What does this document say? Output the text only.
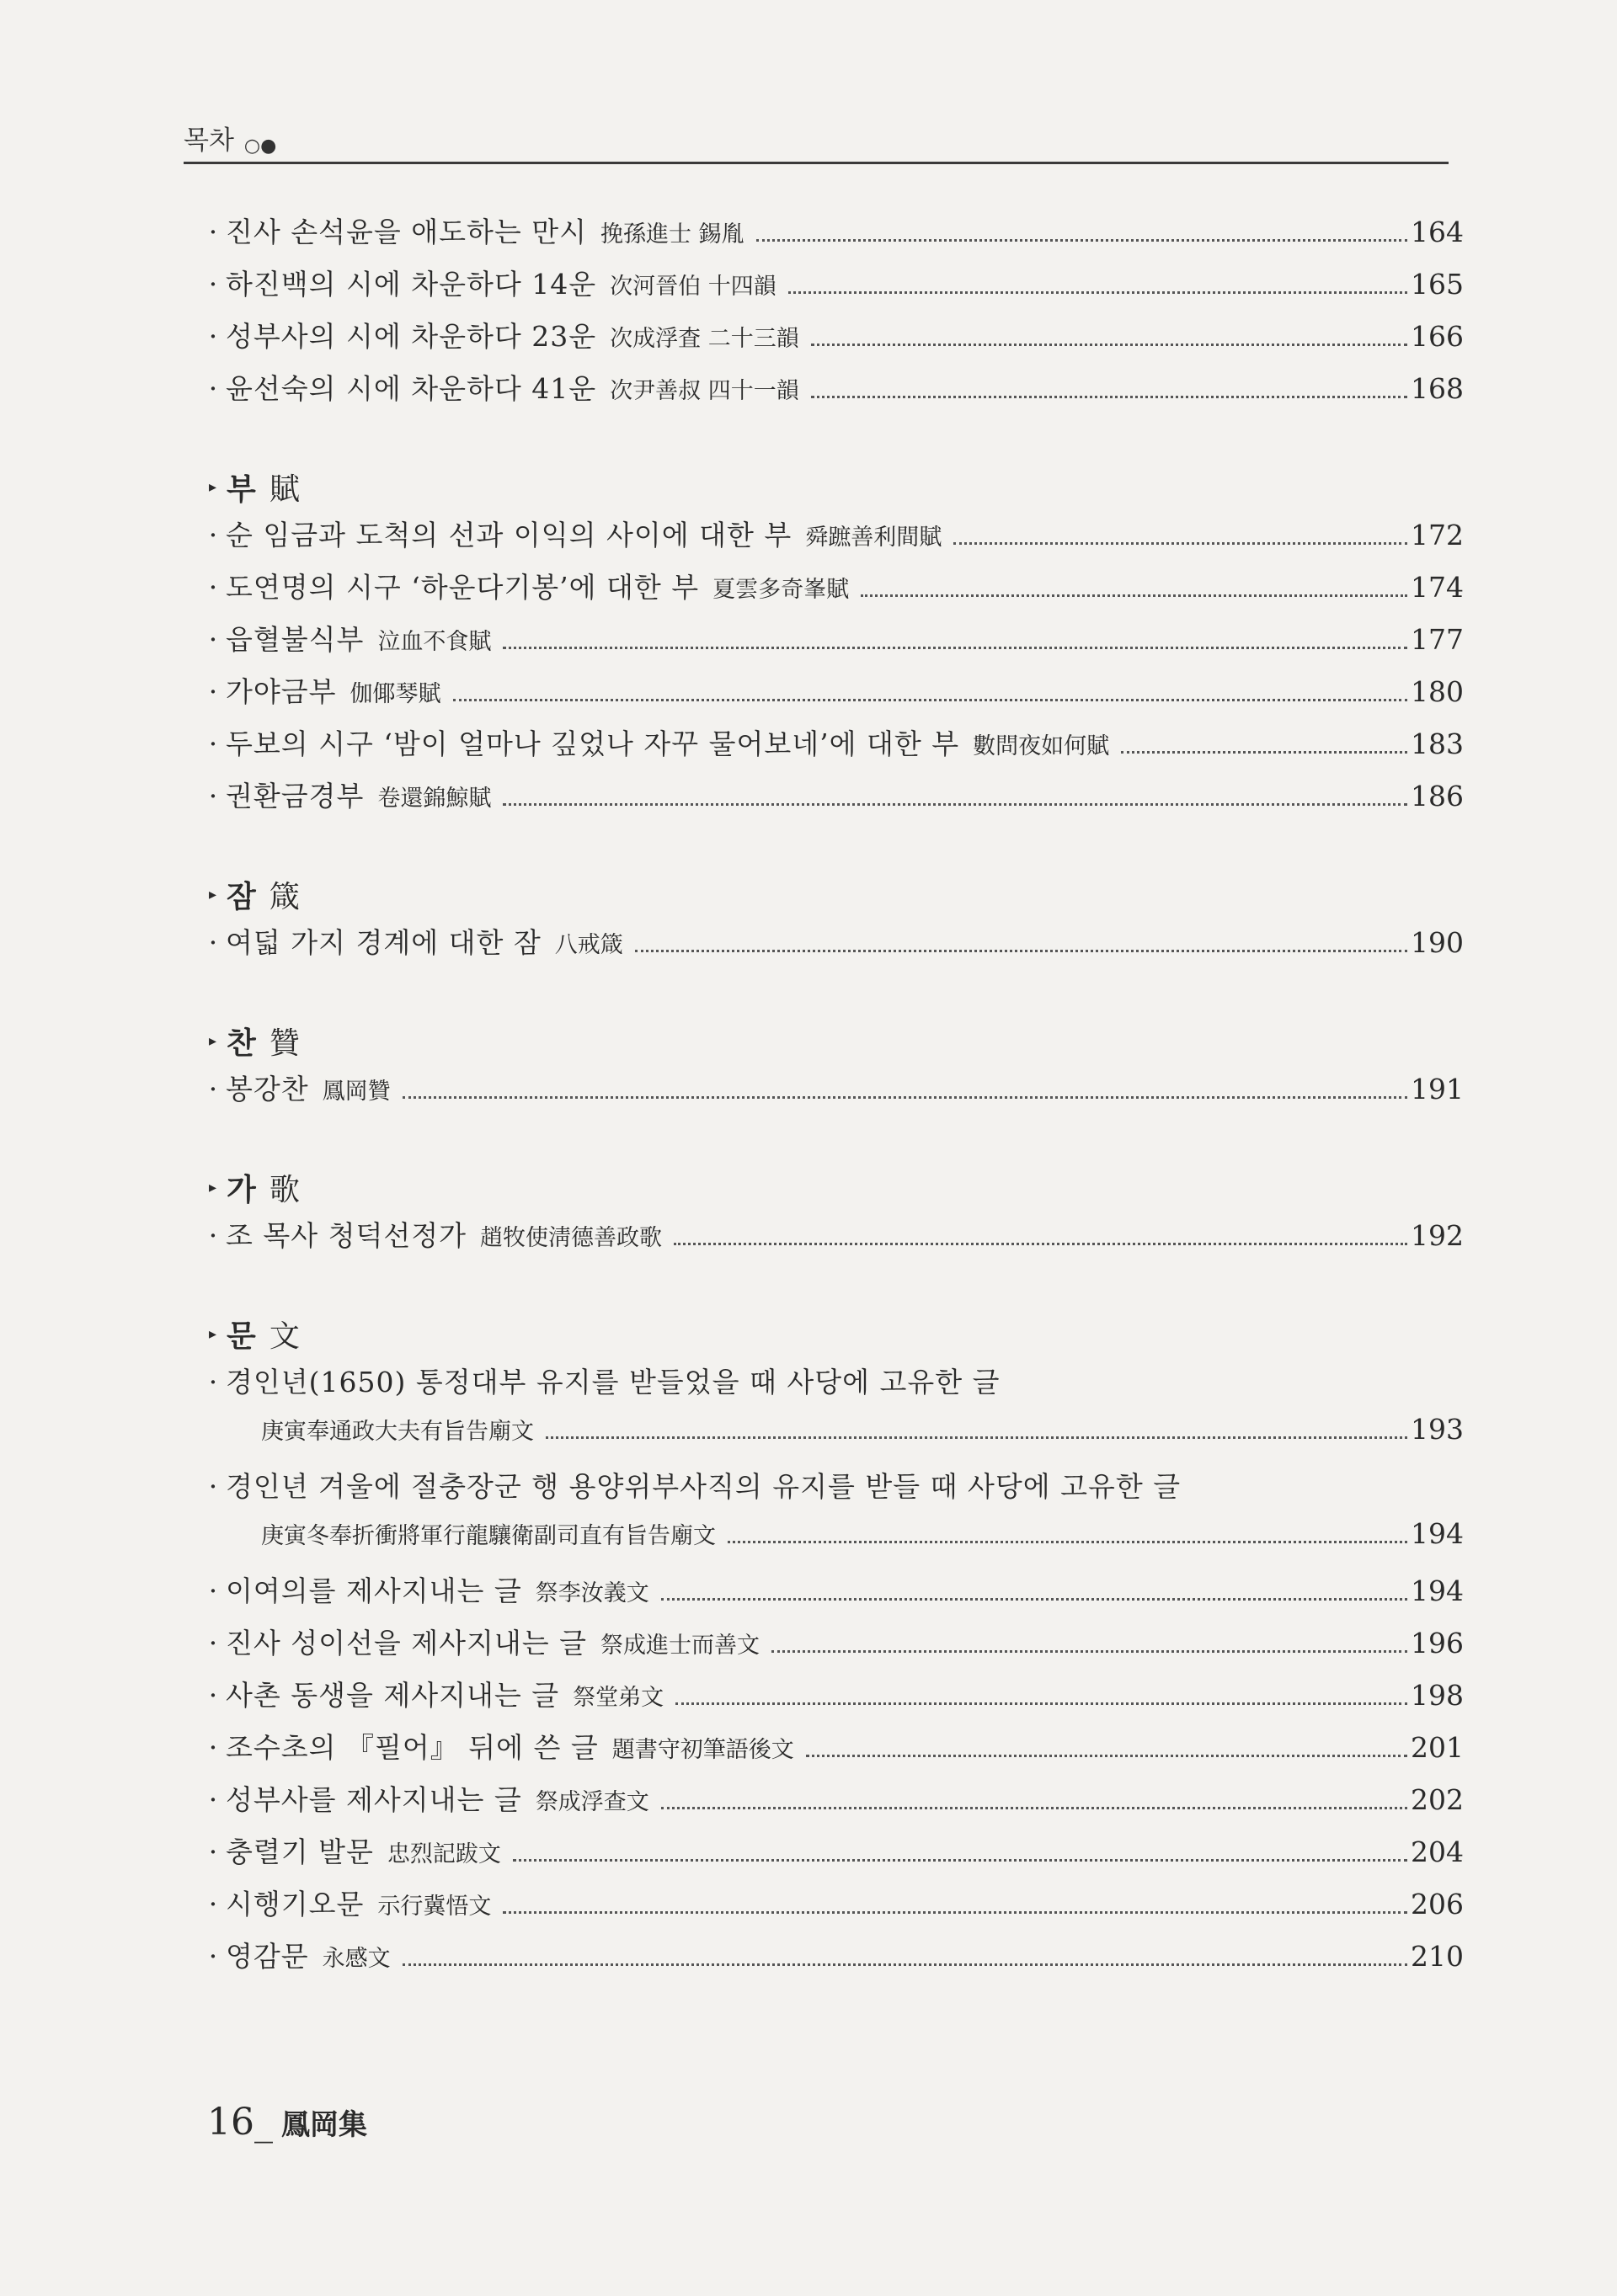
목차 ○●
· 진사 손석윤을 애도하는 만시 挽孫進士 錫胤	164
· 하진백의 시에 차운하다 14운 次河晉伯 十四韻	165
· 성부사의 시에 차운하다 23운 次成浮査 二十三韻	166
· 윤선숙의 시에 차운하다 41운 次尹善叔 四十一韻	168
▸ 부 賦
· 순 임금과 도척의 선과 이익의 사이에 대한 부 舜蹠善利間賦	172
· 도연명의 시구 ‘하운다기봉’에 대한 부 夏雲多奇峯賦	174
· 읍혈불식부 泣血不食賦	177
· 가야금부 伽倻琴賦	180
· 두보의 시구 ‘밤이 얼마나 깊었나 자꾸 물어보네’에 대한 부 數問夜如何賦	183
· 권환금경부 卷還錦鯨賦	186
▸ 잠 箴
· 여덟 가지 경계에 대한 잠 八戒箴	190
▸ 찬 贊
· 봉강찬 鳳岡贊	191
▸ 가 歌
· 조 목사 청덕선정가 趙牧使淸德善政歌	192
▸ 문 文
· 경인년(1650) 통정대부 유지를 받들었을 때 사당에 고유한 글
庚寅奉通政大夫有旨告廟文	193
· 경인년 겨울에 절충장군 행 용양위부사직의 유지를 받들 때 사당에 고유한 글
庚寅冬奉折衝將軍行龍驤衛副司直有旨告廟文	194
· 이여의를 제사지내는 글 祭李汝義文	194
· 진사 성이선을 제사지내는 글 祭成進士而善文	196
· 사촌 동생을 제사지내는 글 祭堂弟文	198
· 조수초의 『필어』 뒤에 쓴 글 題書守初筆語後文	201
· 성부사를 제사지내는 글 祭成浮查文	202
· 충렬기 발문 忠烈記跋文	204
· 시행기오문 示行冀悟文	206
· 영감문 永感文	210
16_ 鳳岡集
